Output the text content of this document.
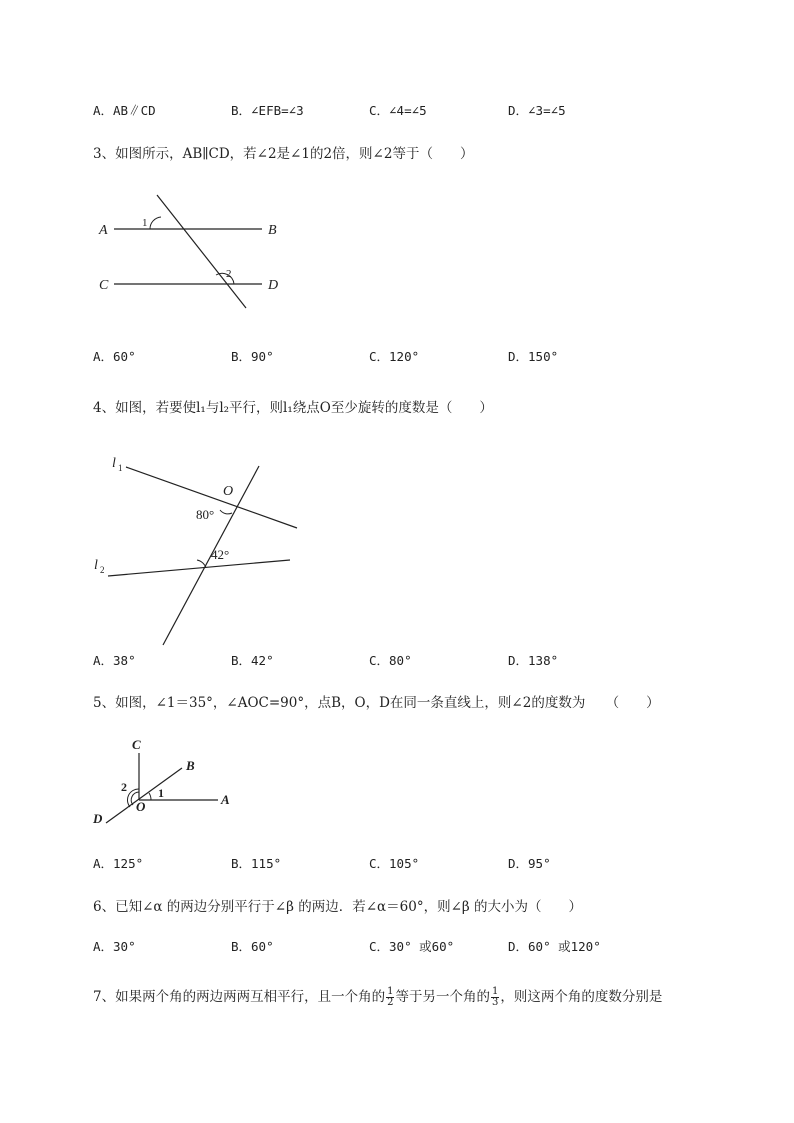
A．AB∥CD	B．∠EFB=∠3	C．∠4=∠5	D．∠3=∠5
3、如图所示，AB∥CD，若∠2是∠1的2倍，则∠2等于（　　）
A	B
C	D
1
2
A．60°	B．90°	C．120°	D．150°
4、如图，若要使l₁与l₂平行，则l₁绕点O至少旋转的度数是（　　）
l 1
l 2
O
80°
42°
A．38°	B．42°	C．80°	D．138°
5、如图，∠1＝35°，∠AOC=90°，点B，O，D在同一条直线上，则∠2的度数为　　（　　）
C
B
A
D
O
1
2
A．125°	B．115°	C．105°	D．95°
6、已知∠α 的两边分别平行于∠β 的两边．若∠α＝60°，则∠β 的大小为（　　）
A．30°	B．60°	C．30° 或60°	D．60° 或120°
7、如果两个角的两边两两互相平行，且一个角的 $\frac{1}{2}$ 等于另一个角的 $\frac{1}{3}$ ，则这两个角的度数分别是
